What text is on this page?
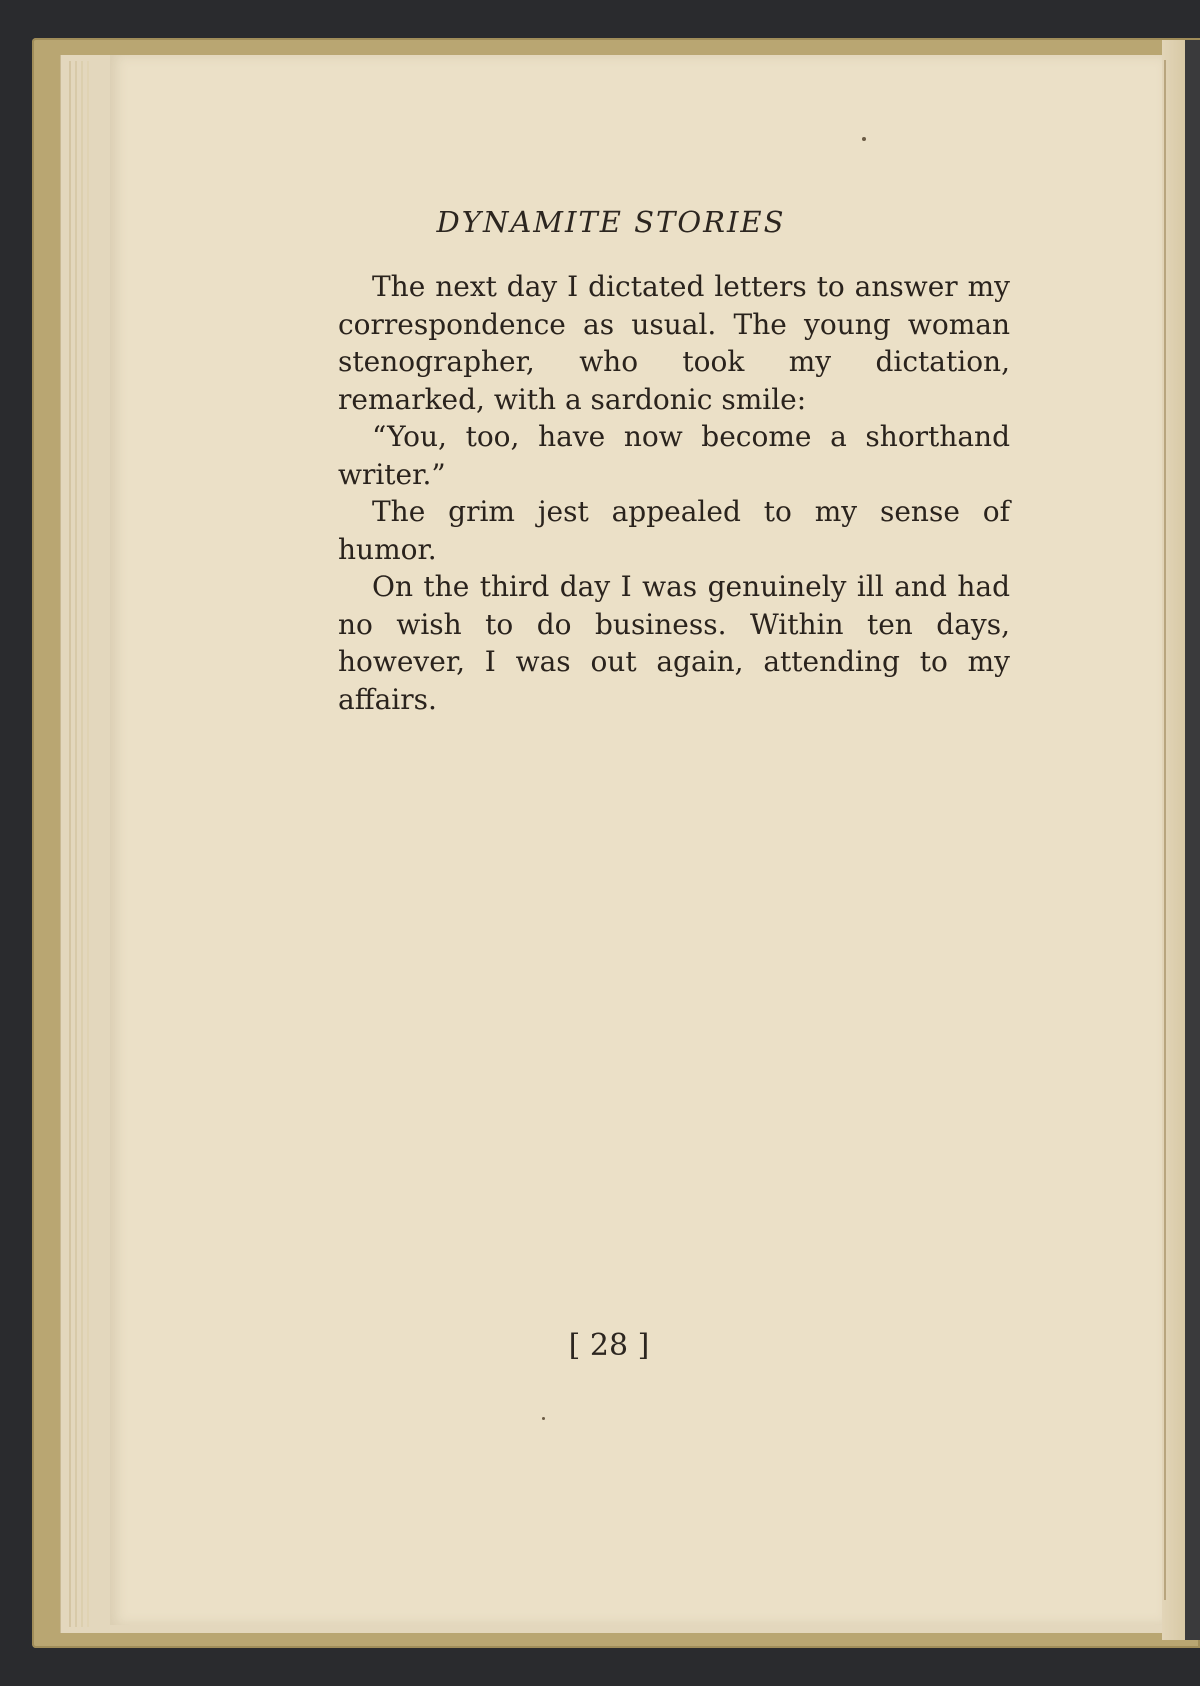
DYNAMITE STORIES

The next day I dictated letters to answer my correspondence as usual. The young woman stenographer, who took my dictation, remarked, with a sardonic smile:

“You, too, have now become a shorthand writer.”

The grim jest appealed to my sense of humor.

On the third day I was genuinely ill and had no wish to do business. Within ten days, however, I was out again, attending to my affairs.

[ 28 ]
